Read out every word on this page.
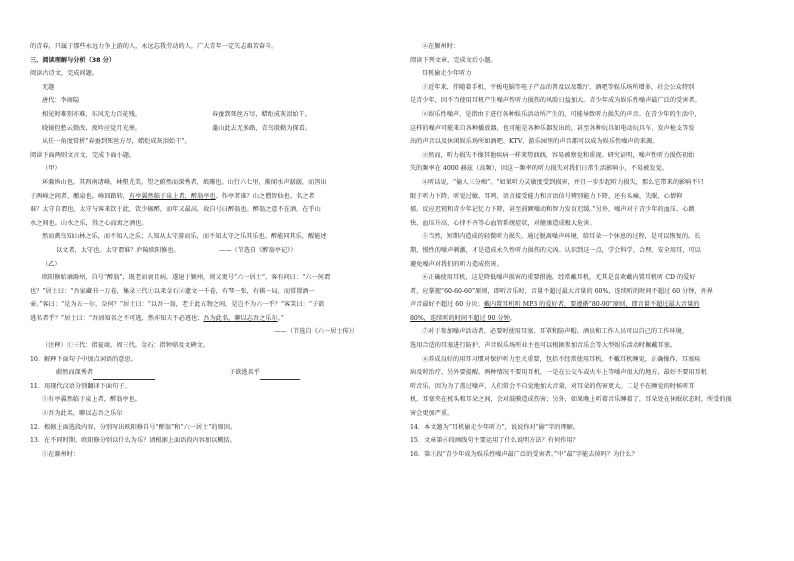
的青春，只属于那些永远力争上游的人，永远忘我劳动的人。广大青年一定矢志艰苦奋斗。
三、阅读理解与分析（38 分）
阅读古诗文，完成问题。
无题
唐代：李商隐
相见时难别亦难，东风无力百花残。	春蚕到死丝方尽，蜡炬成灰泪始干。
晓镜但愁云鬓改，夜吟应觉月光寒。	蓬山此去无多路，青鸟殷勤为探看。
从任一角度赏析“春蚕到死丝方尽，蜡炬成灰泪始干”。
阅读下面两则文言文，完成下面小题。
（甲）
环滁皆山也。其西南诸峰，林壑尤美，望之蔚然而深秀者，琅琊也。山行六七里，渐闻水声潺潺，而泻出
于两峰之间者，酿泉也。峰回路转，有亭翼然临于泉上者，醉翁亭也。作亭者谁？山之僧智仙也。名之者
谁？太守自谓也。太守与客来饮于此，饮少辄醉，而年又最高，故自号曰醉翁也。醉翁之意不在酒，在乎山
水之间也。山水之乐，得之心而寓之酒也。
然而禽鸟知山林之乐，而不知人之乐；人知从太守游而乐，而不知太守之乐其乐也。醉能同其乐，醒能述
以文者，太守也。太守谓谁？庐陵欧阳修也。	——（节选自《醉翁亭记》）
（乙）
欧阳修始谪滁州，自号“醉翁”，既老而衰且病，遂退于颍州，则又更号“六一居士”。客有问曰：“六一何谓
也？”居士曰：“吾家藏书一万卷，集录三代①以来金石②遗文一千卷，有琴一张，有棋一局，而常置酒一
壶。”客曰：“是为五一尔，奈何？”居士曰：“以吾一翁，老于此五物之间，是岂不为六一乎？”客笑曰：“子欲
逃名者乎？”居士曰：“吾固知名之不可逃，然亦知夫不必逃也；吾为此名，聊以志吾之乐尔。”
——（节选自《六一居士传》）
（注释）①三代：指夏商、周三代。金石：指钟鼎及文碑文。
10．解释下面句子中加点词语的意思。
蔚然而深秀者	子欲逃名乎
11．用现代汉语分别翻译下面句子。
①有亭翼然临于泉上者，醉翁亭也。
②吾为此名，聊以志吾之乐尔
12．根据上面选段内容，分别写出欧阳修自号“醉翁”和“六一居士”的原因。
13．在不同时期，欧阳修分别以什么为乐？请根据上面语段内容加以概括。
①在滁州时：
②在颍州时：
阅读下列文章，完成文后小题。
耳机偷走少年听力
①近年来，伴随着手机、平板电脑等电子产品的普及以及歌厅、酒吧等娱乐场所增多，社会公众特别
是青少年，因不当使用耳机产生噪声性听力损伤的风险日益加大。青少年成为娱乐性噪声最广泛的受害者。
②娱乐性噪声，是指由于进行各种娱乐活动所产生的、可能导致听力损失的声音。在青少年的生活中，
这样的噪声可能来自各种播放器，也可能是各种乐器发出的，甚至各种玩具如电动玩具车、发声枪支等发
出的声音以及休闲娱乐场所如酒吧、KTV、游乐园里的声音都可以成为娱乐性噪声的来源。
③然而，听力损失不像其他疾病一样来势汹汹，容易被察觉和重视。研究证明，噪声性听力损伤初始
失的频率在 4000 赫兹（高频），因这一频率的听力损失对我们日常生活影响小，不易被发觉。
④听话说，“偷人三分痴”。“如果听力灵敏度受到损害，并且一步步起听力损失，那么它带来的影响不只
限于听力下降、听觉过敏、耳鸣，语言接受能力和言语信号辨别能力下降，还有头痛、失眠、心情抑
郁，反应迟钝和青少年记忆力下降，甚至前额噪动和智力发育迟缓。”另外，噪声对于青少年的血压、心跳
快、血压升高，心律不齐等心血管系统症状，对健康造成极大危害。
⑤当然，短期内造成的轻微听力损失，通过脱离噪声环境、给耳朵一个休息的过程，是可以恢复的。长
期、慢性的噪声刺激，才是造成永久性听力损伤的元凶。认识到这一点，学会科学、合理、安全用耳，可以
避免噪声对我们的听力造成伤害。
⑥正确使用耳机，这是降低噪声损害的重要措施。经常戴耳机，尤其是喜欢戴内置耳机听 CD 的爱好
者，应掌握“60-60-60”原则，即听音乐时，音量不超过最大音量的 60%，连续听的时间不超过 60 分钟，外界
声音最好不超过 60 分贝；戴内置耳机听 MP3 的爱好者，要遵循“80-90”原则，即音量不超过最大音量的
80%，连续听的时间不超过 90 分钟。
⑦对于参加噪声活动者，必要时使用耳塞、耳罩和防声帽。酒员和工作人员可以自己的工作环境，
选用合适的耳塞进行防护，声音娱乐场所业主也可以根据参加音乐会等大型娱乐活动时佩戴耳塞。
⑧养成良好的用耳习惯对保护听力至关重要，包括不经常使用耳机、不戴耳机睡觉，正确操作，耳塞疾
病及时治疗。另外要提醒，两种情况不要用耳机，一是在公交车或火车上等噪声很大的地方，最好不要用耳机
听音乐，因为为了盖过噪声，人们常会不自觉地加大音量，对耳朵的伤害更大。二是不在睡觉的时候听耳
机，耳塞夹在枕头和耳朵之间，会对鼓膜造成伤害；另外，如果晚上听着音乐睡着了，耳朵处在休眠状态时，所受的损
害会更加严重。
14．本文题为“耳机偷走少年听力”，说说你对“偷”字的理解。
15．文章第⑥段画线句主要运用了什么说明方法？有何作用？
16．第①段“青少年成为娱乐性噪声最广泛的受害者。”中“最”字能去掉吗？为什么？
